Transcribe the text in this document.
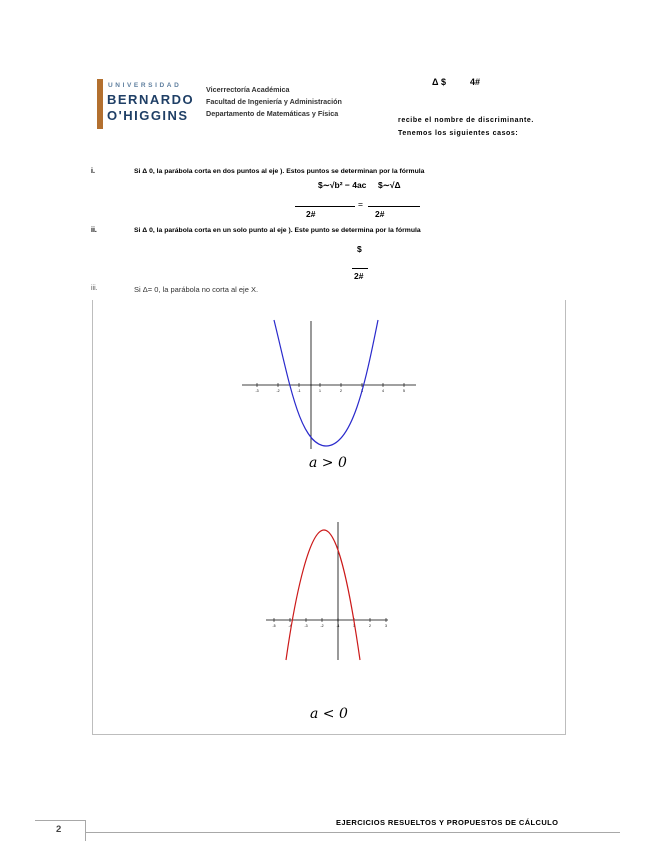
UNIVERSIDAD
BERNARDO
O'HIGGINS
Vicerrectoría Académica
Facultad de Ingeniería y Administración
Departamento de Matemáticas y Física
Δ $	4#
recibe el nombre de discriminante.
Tenemos los siguientes casos:
i.	Si Δ 0, la parábola corta en dos puntos al eje ). Estos puntos se determinan por la fórmula
$∼√b² − 4ac $∼√Δ
=
2#	2#
ii.	Si Δ 0, la parábola corta en un solo punto al eje ). Este punto se determina por la fórmula
$
2#
iii.	Si Δ= 0, la parábola no corta al eje X.
-3	-2	-1	1	2	3	4	5
a > 0
-5	-4	-3	-2	-1	1	2	3
a < 0
2
EJERCICIOS RESUELTOS Y PROPUESTOS DE CÁLCULO
